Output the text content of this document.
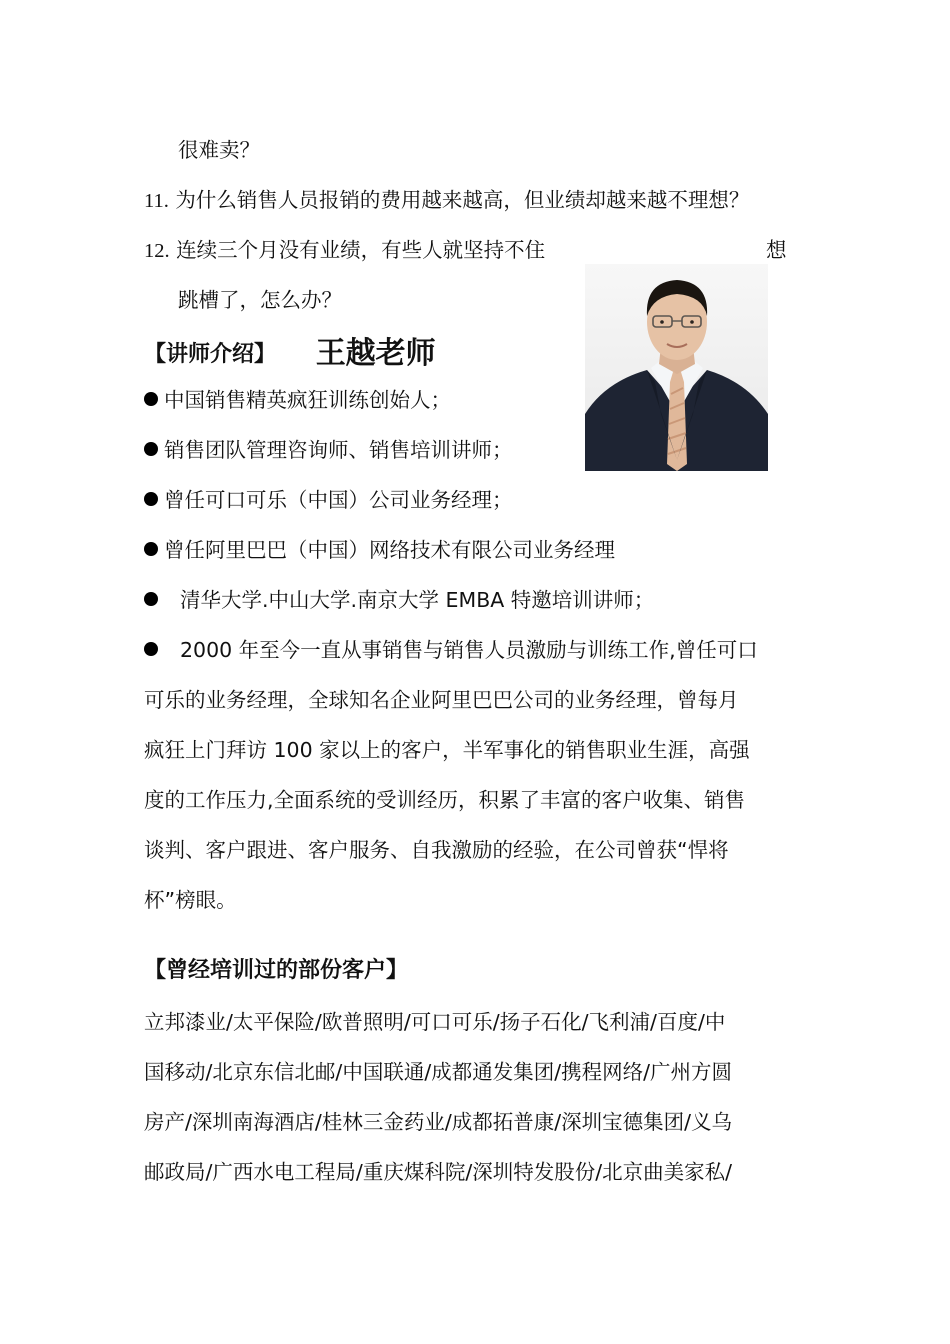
很难卖？
11. 为什么销售人员报销的费用越来越高，但业绩却越来越不理想？
12. 连续三个月没有业绩，有些人就坚持不住	想
跳槽了，怎么办？
【讲师介绍】 王越老师
中国销售精英疯狂训练创始人；
销售团队管理咨询师、销售培训讲师；
曾任可口可乐（中国）公司业务经理；
曾任阿里巴巴（中国）网络技术有限公司业务经理
清华大学.中山大学.南京大学 EMBA 特邀培训讲师；
2000 年至今一直从事销售与销售人员激励与训练工作,曾任可口
可乐的业务经理，全球知名企业阿里巴巴公司的业务经理，曾每月
疯狂上门拜访 100 家以上的客户，半军事化的销售职业生涯，高强
度的工作压力,全面系统的受训经历，积累了丰富的客户收集、销售
谈判、客户跟进、客户服务、自我激励的经验，在公司曾获“悍将
杯”榜眼。
【曾经培训过的部份客户】
立邦漆业/太平保险/欧普照明/可口可乐/扬子石化/飞利浦/百度/中
国移动/北京东信北邮/中国联通/成都通发集团/携程网络/广州方圆
房产/深圳南海酒店/桂林三金药业/成都拓普康/深圳宝德集团/义乌
邮政局/广西水电工程局/重庆煤科院/深圳特发股份/北京曲美家私/
